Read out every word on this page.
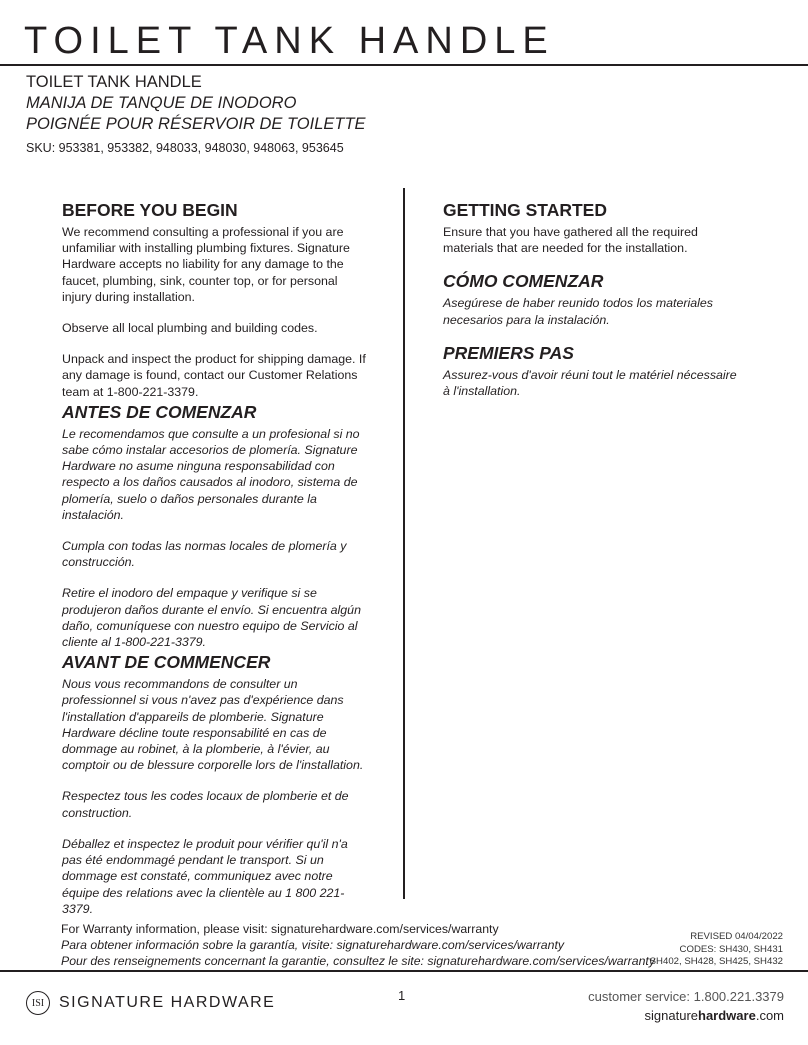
TOILET TANK HANDLE
TOILET TANK HANDLE
MANIJA DE TANQUE DE INODORO
POIGNÉE POUR RÉSERVOIR DE TOILETTE
SKU: 953381, 953382, 948033, 948030, 948063, 953645
BEFORE YOU BEGIN

We recommend consulting a professional if you are unfamiliar with installing plumbing fixtures. Signature Hardware accepts no liability for any damage to the faucet, plumbing, sink, counter top, or for personal injury during installation.

Observe all local plumbing and building codes.

Unpack and inspect the product for shipping damage. If any damage is found, contact our Customer Relations team at 1-800-221-3379.

ANTES DE COMENZAR

Le recomendamos que consulte a un profesional si no sabe cómo instalar accesorios de plomería. Signature Hardware no asume ninguna responsabilidad con respecto a los daños causados al inodoro, sistema de plomería, suelo o daños personales durante la instalación.

Cumpla con todas las normas locales de plomería y construcción.

Retire el inodoro del empaque y verifique si se produjeron daños durante el envío. Si encuentra algún daño, comuníquese con nuestro equipo de Servicio al cliente al 1-800-221-3379.

AVANT DE COMMENCER

Nous vous recommandons de consulter un professionnel si vous n'avez pas d'expérience dans l'installation d'appareils de plomberie. Signature Hardware décline toute responsabilité en cas de dommage au robinet, à la plomberie, à l'évier, au comptoir ou de blessure corporelle lors de l'installation.

Respectez tous les codes locaux de plomberie et de construction.

Déballez et inspectez le produit pour vérifier qu'il n'a pas été endommagé pendant le transport. Si un dommage est constaté, communiquez avec notre équipe des relations avec la clientèle au 1 800 221-3379.

GETTING STARTED

Ensure that you have gathered all the required materials that are needed for the installation.

CÓMO COMENZAR

Asegúrese de haber reunido todos los materiales necesarios para la instalación.

PREMIERS PAS

Assurez-vous d'avoir réuni tout le matériel nécessaire à l'installation.

For Warranty information, please visit: signaturehardware.com/services/warranty
Para obtener información sobre la garantía, visite: signaturehardware.com/services/warranty
Pour des renseignements concernant la garantie, consultez le site: signaturehardware.com/services/warranty
REVISED 04/04/2022
CODES: SH430, SH431
SH402, SH428, SH425, SH432
ISI SIGNATURE HARDWARE	1	customer service: 1.800.221.3379
signaturehardware.com
